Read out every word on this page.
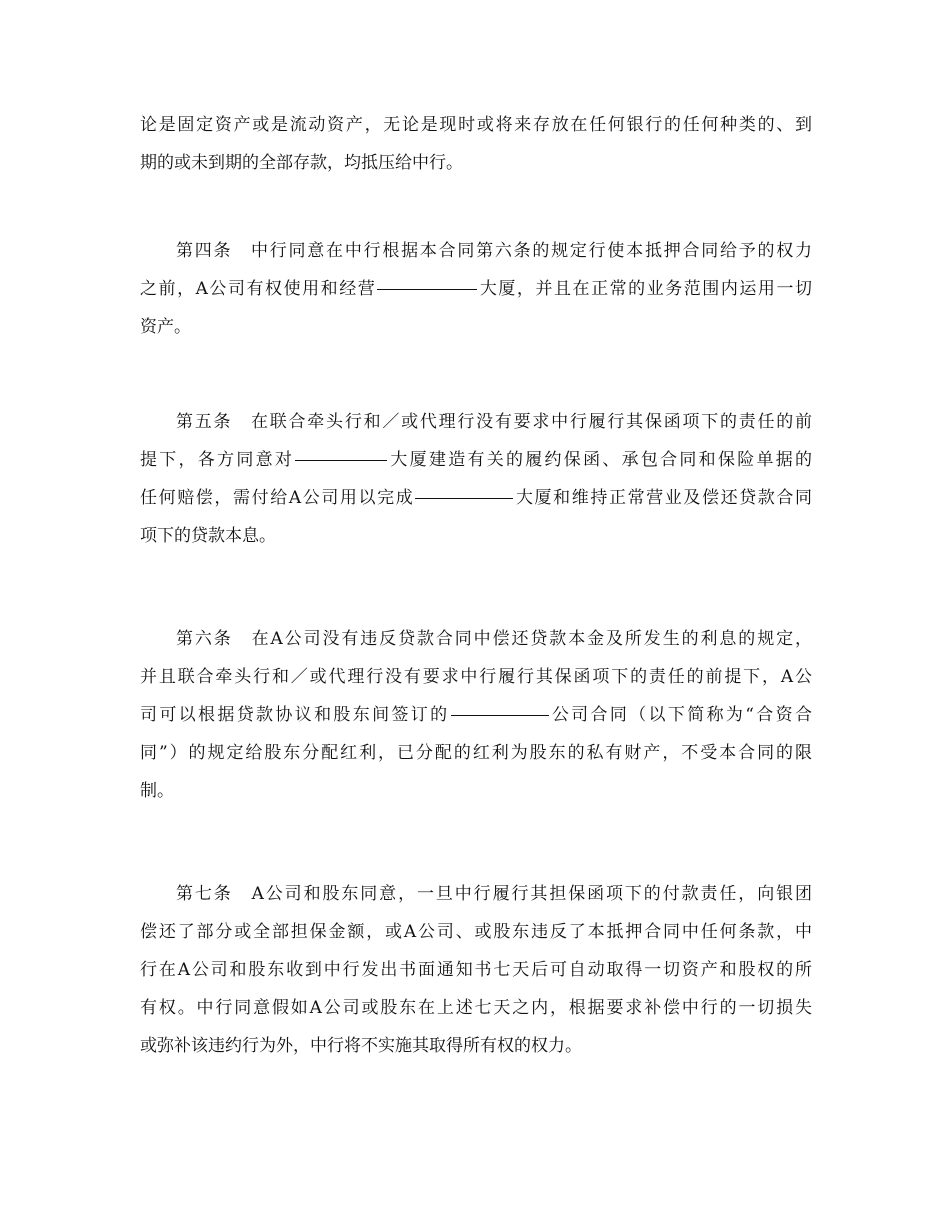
论是固定资产或是流动资产，无论是现时或将来存放在任何银行的任何种类的、到
期的或未到期的全部存款，均抵压给中行。
第四条　中行同意在中行根据本合同第六条的规定行使本抵押合同给予的权力
之前，A公司有权使用和经营	大厦，并且在正常的业务范围内运用一切
资产。
第五条　在联合牵头行和／或代理行没有要求中行履行其保函项下的责任的前
提下，各方同意对	大厦建造有关的履约保函、承包合同和保险单据的
任何赔偿，需付给A公司用以完成	大厦和维持正常营业及偿还贷款合同
项下的贷款本息。
第六条　在A公司没有违反贷款合同中偿还贷款本金及所发生的利息的规定，
并且联合牵头行和／或代理行没有要求中行履行其保函项下的责任的前提下，A公
司可以根据贷款协议和股东间签订的	公司合同（以下简称为“合资合
同”）的规定给股东分配红利，已分配的红利为股东的私有财产，不受本合同的限
制。
第七条　A公司和股东同意，一旦中行履行其担保函项下的付款责任，向银团
偿还了部分或全部担保金额，或A公司、或股东违反了本抵押合同中任何条款，中
行在A公司和股东收到中行发出书面通知书七天后可自动取得一切资产和股权的所
有权。中行同意假如A公司或股东在上述七天之内，根据要求补偿中行的一切损失
或弥补该违约行为外，中行将不实施其取得所有权的权力。
